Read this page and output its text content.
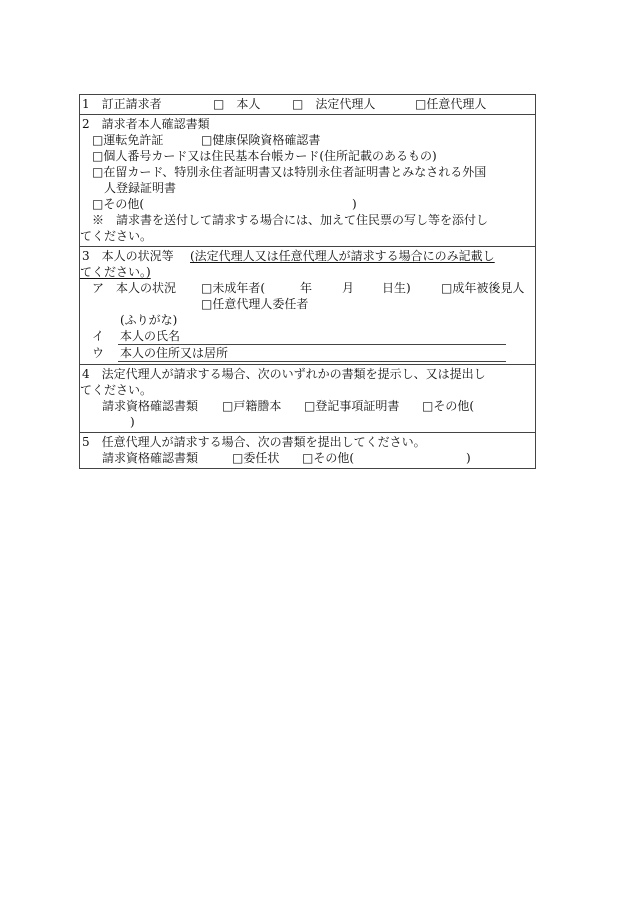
1　訂正請求者	□　本人	□　法定代理人	□任意代理人
2　請求者本人確認書類
□運転免許証	□健康保険資格確認書
□個人番号カード又は住民基本台帳カード(住所記載のあるもの)
□在留カード、特別永住者証明書又は特別永住者証明書とみなされる外国
人登録証明書
□その他(	)
※　請求書を送付して請求する場合には、加えて住民票の写し等を添付し
てください。
3　本人の状況等 (法定代理人又は任意代理人が請求する場合にのみ記載し
てください。)
ア　本人の状況 □未成年者(	年 月 日生)	□成年被後見人
□任意代理人委任者
(ふりがな)
イ 本人の氏名
ウ 本人の住所又は居所
4　法定代理人が請求する場合、次のいずれかの書類を提示し、又は提出し
てください。
請求資格確認書類 □戸籍謄本 □登記事項証明書 □その他(
)
5　任意代理人が請求する場合、次の書類を提出してください。
請求資格確認書類	□委任状 □その他(	)
